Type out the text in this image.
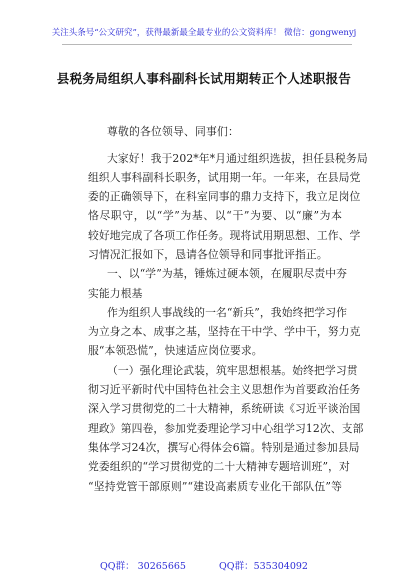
关注头条号“公文研究”，获得最新最全最专业的公文资料库！ 微信：gongwenyj
县税务局组织人事科副科长试用期转正个人述职报告
尊敬的各位领导、同事们：
大家好！我于202*年*月通过组织选拔，担任县税务局
组织人事科副科长职务，试用期一年。一年来，在县局党
委的正确领导下，在科室同事的鼎力支持下，我立足岗位
恪尽职守，以“学”为基、以“干”为要、以“廉”为本
较好地完成了各项工作任务。现将试用期思想、工作、学
习情况汇报如下，恳请各位领导和同事批评指正。
一、以“学”为基，锤炼过硬本领，在履职尽责中夯
实能力根基
作为组织人事战线的一名“新兵”，我始终把学习作
为立身之本、成事之基，坚持在干中学、学中干，努力克
服“本领恐慌”，快速适应岗位要求。
（一）强化理论武装，筑牢思想根基。始终把学习贯
彻习近平新时代中国特色社会主义思想作为首要政治任务
深入学习贯彻党的二十大精神，系统研读《习近平谈治国
理政》第四卷，参加党委理论学习中心组学习12次、支部
集体学习24次，撰写心得体会6篇。特别是通过参加县局
党委组织的“学习贯彻党的二十大精神专题培训班”，对
“坚持党管干部原则”“建设高素质专业化干部队伍”等
QQ群： 30265665	QQ群：535304092
